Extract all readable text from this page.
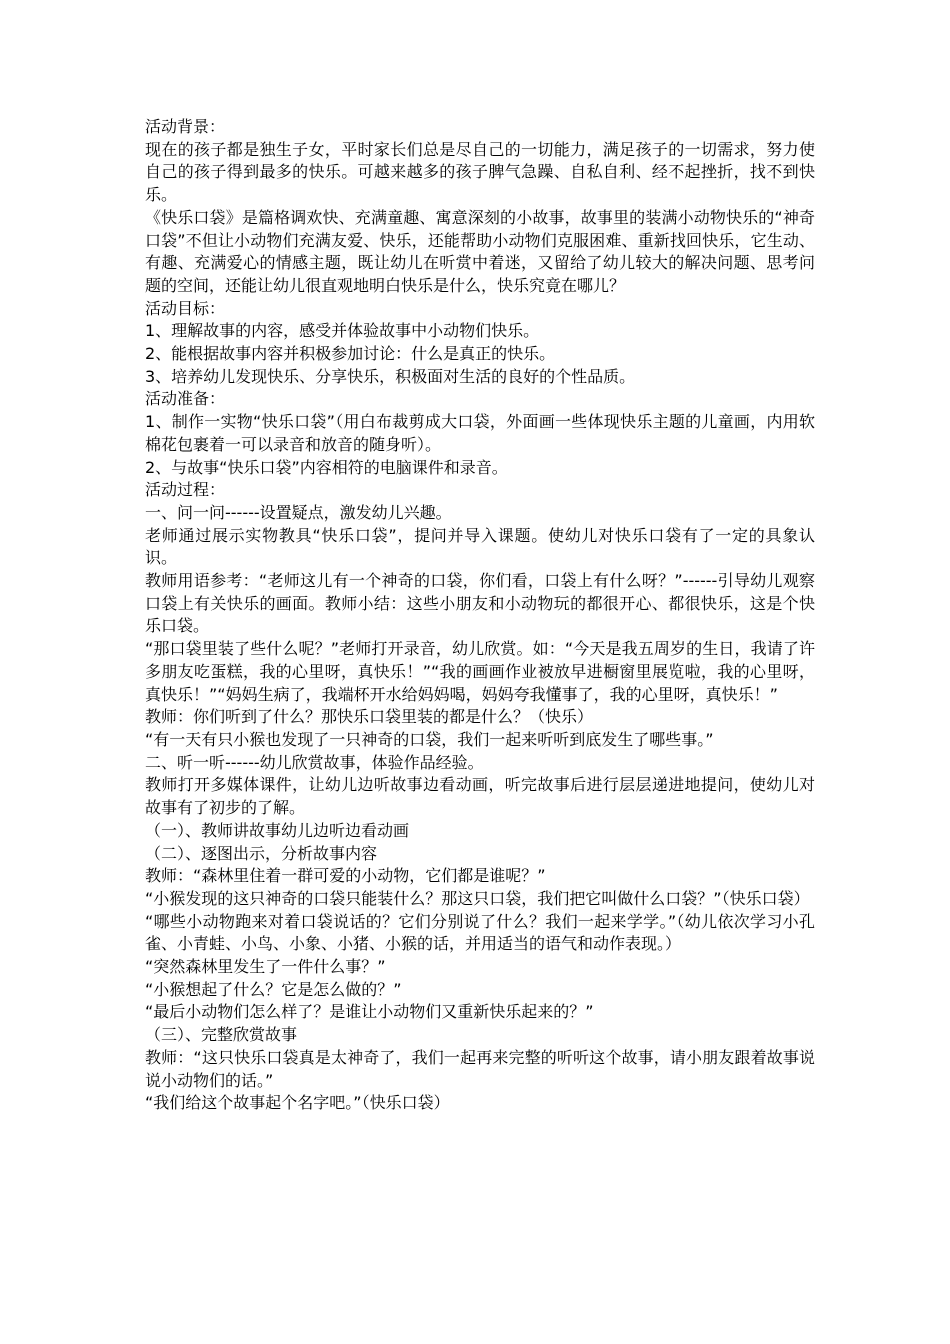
活动背景：

现在的孩子都是独生子女，平时家长们总是尽自己的一切能力，满足孩子的一切需求，努力使自己的孩子得到最多的快乐。可越来越多的孩子脾气急躁、自私自利、经不起挫折，找不到快乐。

《快乐口袋》是篇格调欢快、充满童趣、寓意深刻的小故事，故事里的装满小动物快乐的“神奇口袋”不但让小动物们充满友爱、快乐，还能帮助小动物们克服困难、重新找回快乐，它生动、有趣、充满爱心的情感主题，既让幼儿在听赏中着迷，又留给了幼儿较大的解决问题、思考问题的空间，还能让幼儿很直观地明白快乐是什么，快乐究竟在哪儿？

活动目标：

1、理解故事的内容，感受并体验故事中小动物们快乐。

2、能根据故事内容并积极参加讨论：什么是真正的快乐。

3、培养幼儿发现快乐、分享快乐，积极面对生活的良好的个性品质。

活动准备：

1、制作一实物“快乐口袋”（用白布裁剪成大口袋，外面画一些体现快乐主题的儿童画，内用软棉花包裹着一可以录音和放音的随身听）。

2、与故事“快乐口袋”内容相符的电脑课件和录音。

活动过程：

一、问一问------设置疑点，激发幼儿兴趣。

老师通过展示实物教具“快乐口袋”，提问并导入课题。使幼儿对快乐口袋有了一定的具象认识。

教师用语参考：“老师这儿有一个神奇的口袋，你们看，口袋上有什么呀？”------引导幼儿观察口袋上有关快乐的画面。教师小结：这些小朋友和小动物玩的都很开心、都很快乐，这是个快乐口袋。

“那口袋里装了些什么呢？”老师打开录音，幼儿欣赏。如：“今天是我五周岁的生日，我请了许多朋友吃蛋糕，我的心里呀，真快乐！”“我的画画作业被放早进橱窗里展览啦，我的心里呀，真快乐！”“妈妈生病了，我端杯开水给妈妈喝，妈妈夸我懂事了，我的心里呀，真快乐！”

教师：你们听到了什么？那快乐口袋里装的都是什么？（快乐）

“有一天有只小猴也发现了一只神奇的口袋，我们一起来听听到底发生了哪些事。”

二、听一听------幼儿欣赏故事，体验作品经验。

教师打开多媒体课件，让幼儿边听故事边看动画，听完故事后进行层层递进地提问，使幼儿对故事有了初步的了解。

（一）、教师讲故事幼儿边听边看动画

（二）、逐图出示，分析故事内容

教师：“森林里住着一群可爱的小动物，它们都是谁呢？”

“小猴发现的这只神奇的口袋只能装什么？那这只口袋，我们把它叫做什么口袋？”（快乐口袋）

“哪些小动物跑来对着口袋说话的？它们分别说了什么？我们一起来学学。”（幼儿依次学习小孔雀、小青蛙、小鸟、小象、小猪、小猴的话，并用适当的语气和动作表现。）

“突然森林里发生了一件什么事？”

“小猴想起了什么？它是怎么做的？”

“最后小动物们怎么样了？是谁让小动物们又重新快乐起来的？”

（三）、完整欣赏故事

教师：“这只快乐口袋真是太神奇了，我们一起再来完整的听听这个故事，请小朋友跟着故事说说小动物们的话。”

“我们给这个故事起个名字吧。”（快乐口袋）
